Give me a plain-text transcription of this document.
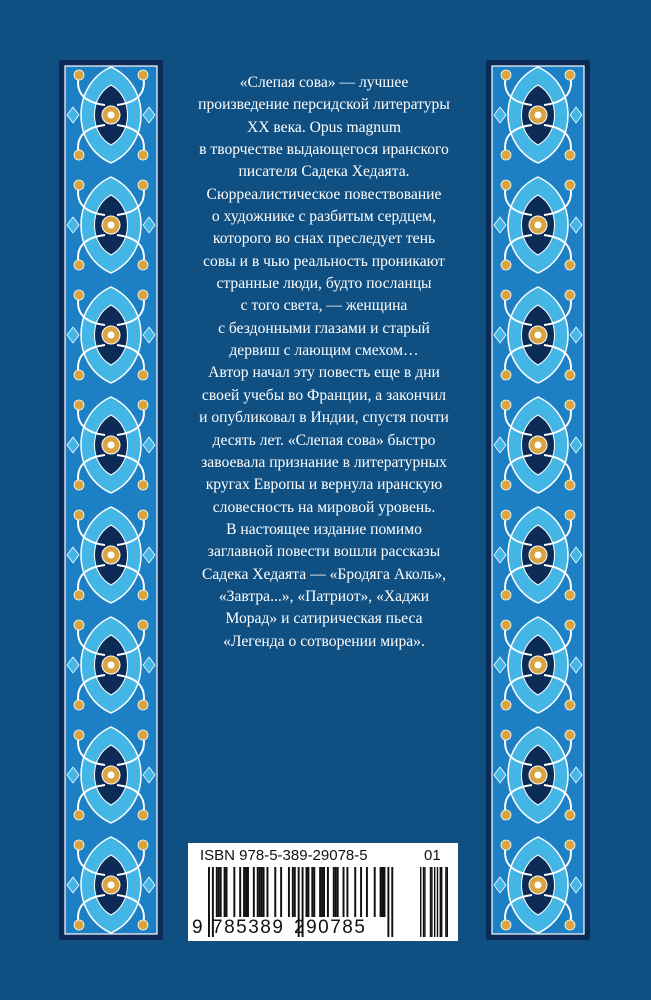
«Слепая сова» — лучшее
произведение персидской литературы
XX века. Opus magnum
в творчестве выдающегося иранского
писателя Садека Хедаята.
Сюрреалистическое повествование
о художнике с разбитым сердцем,
которого во снах преследует тень
совы и в чью реальность проникают
странные люди, будто посланцы
с того света, — женщина
с бездонными глазами и старый
дервиш с лающим смехом…
Автор начал эту повесть еще в дни
своей учебы во Франции, а закончил
и опубликовал в Индии, спустя почти
десять лет. «Слепая сова» быстро
завоевала признание в литературных
кругах Европы и вернула иранскую
словесность на мировой уровень.
В настоящее издание помимо
заглавной повести вошли рассказы
Садека Хедаята — «Бродяга Аколь»,
«Завтра...», «Патриот», «Хаджи
Морад» и сатирическая пьеса
«Легенда о сотворении мира».
ISBN 978-5-389-29078-5	01
9 785389 290785
